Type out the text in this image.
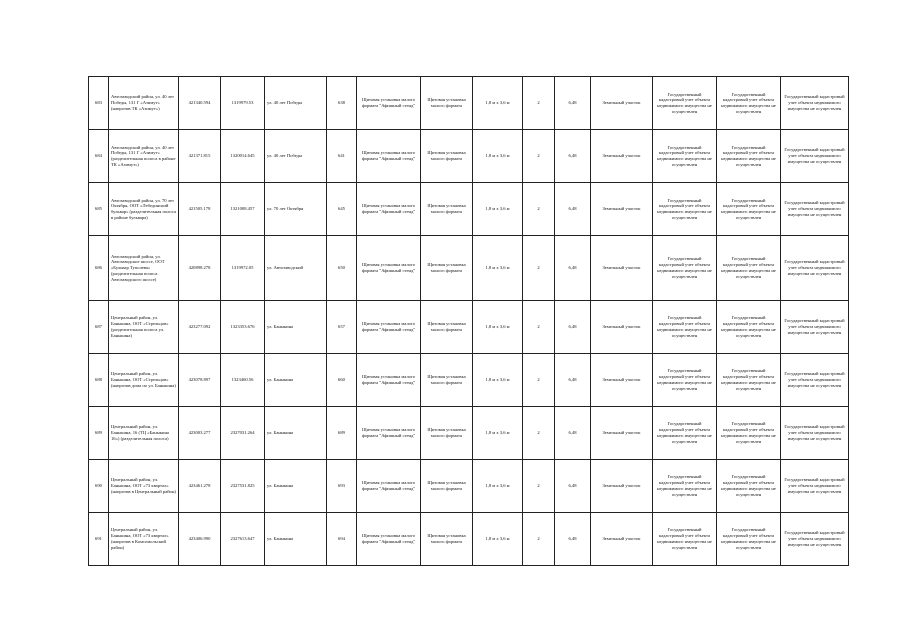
683	Автозаводский район, ул. 40 лет Победы, 131 Г «Азимут» (напротив ТК «Азимут»)	421340.594	1319979.53	ул. 40 лет Победы	638	Щитовая установка малого формата "Афишный стенд"	Щитовая установка малого формата	1,8 м х 3,6 м	2	6,48	Земельный участок	Государственный кадастровый учет объекта недвижимого имущества не осуществлен	Государственный кадастровый учет объекта недвижимого имущества не осуществлен	Государственный кадастровый учет объекта недвижимого имущества не осуществлен
684	Автозаводский район, ул. 40 лет Победы, 131 Г «Азимут» (разделительная полоса в районе ТК «Азимут»)	421371.815	1320014.645	ул. 40 лет Победы	641	Щитовая установка малого формата "Афишный стенд"	Щитовая установка малого формата	1,8 м х 3,6 м	2	6,48	Земельный участок	Государственный кадастровый учет объекта недвижимого имущества не осуществлен	Государственный кадастровый учет объекта недвижимого имущества не осуществлен	Государственный кадастровый учет объекта недвижимого имущества не осуществлен
685	Автозаводский район, ул. 70 лет Октября, ООТ «Лебединский бульвар» (разделительная полоса в районе бульвара)	421505.178	1321008.457	ул. 70 лет Октября	645	Щитовая установка малого формата "Афишный стенд"	Щитовая установка малого формата	1,8 м х 3,6 м	2	6,48	Земельный участок	Государственный кадастровый учет объекта недвижимого имущества не осуществлен	Государственный кадастровый учет объекта недвижимого имущества не осуществлен	Государственный кадастровый учет объекта недвижимого имущества не осуществлен
686	Автозаводский район, ул. Автозаводское шоссе, ООТ «Бульвар Туполева» (разделительная полоса Автозаводского шоссе)	420898.278	1319972.05	ул. Автозаводский	650	Щитовая установка малого формата "Афишный стенд"	Щитовая установка малого формата	1,8 м х 3,6 м	2	6,48	Земельный участок	Государственный кадастровый учет объекта недвижимого имущества не осуществлен	Государственный кадастровый учет объекта недвижимого имущества не осуществлен	Государственный кадастровый учет объекта недвижимого имущества не осуществлен
687	Центральный район, ул. Баныкина, ООТ «Стрельцов» (разделительная полоса ул. Баныкина)	423277.092	1323353.676	ул. Баныкина	657	Щитовая установка малого формата "Афишный стенд"	Щитовая установка малого формата	1,8 м х 3,6 м	2	6,48	Земельный участок	Государственный кадастровый учет объекта недвижимого имущества не осуществлен	Государственный кадастровый учет объекта недвижимого имущества не осуществлен	Государственный кадастровый учет объекта недвижимого имущества не осуществлен
688	Центральный район, ул. Баныкина, ООТ «Стрельцов» (напротив дома по ул. Баныкина)	423078.897	1323460.56	ул. Баныкина	660	Щитовая установка малого формата "Афишный стенд"	Щитовая установка малого формата	1,8 м х 3,6 м	2	6,48	Земельный участок	Государственный кадастровый учет объекта недвижимого имущества не осуществлен	Государственный кадастровый учет объекта недвижимого имущества не осуществлен	Государственный кадастровый учет объекта недвижимого имущества не осуществлен
689	Центральный район, ул. Баныкина, 16 (ТЦ «Баныкина 16») (разделительная полоса)	423003.277	2327031.264	ул. Баныкина	689	Щитовая установка малого формата "Афишный стенд"	Щитовая установка малого формата	1,8 м х 3,6 м	2	6,48	Земельный участок	Государственный кадастровый учет объекта недвижимого имущества не осуществлен	Государственный кадастровый учет объекта недвижимого имущества не осуществлен	Государственный кадастровый учет объекта недвижимого имущества не осуществлен
690	Центральный район, ул. Баныкина, ООТ «73 квартал» (напротив в Центральный район)	423461.278	2327531.825	ул. Баныкина	693	Щитовая установка малого формата "Афишный стенд"	Щитовая установка малого формата	1,8 м х 3,6 м	2	6,48	Земельный участок	Государственный кадастровый учет объекта недвижимого имущества не осуществлен	Государственный кадастровый учет объекта недвижимого имущества не осуществлен	Государственный кадастровый учет объекта недвижимого имущества не осуществлен
691	Центральный район, ул. Баныкина, ООТ «73 квартал» (напротив в Комсомольский район)	423406.990	2327613.647	ул. Баныкина	694	Щитовая установка малого формата "Афишный стенд"	Щитовая установка малого формата	1,8 м х 3,6 м	2	6,48	Земельный участок	Государственный кадастровый учет объекта недвижимого имущества не осуществлен	Государственный кадастровый учет объекта недвижимого имущества не осуществлен	Государственный кадастровый учет объекта недвижимого имущества не осуществлен
